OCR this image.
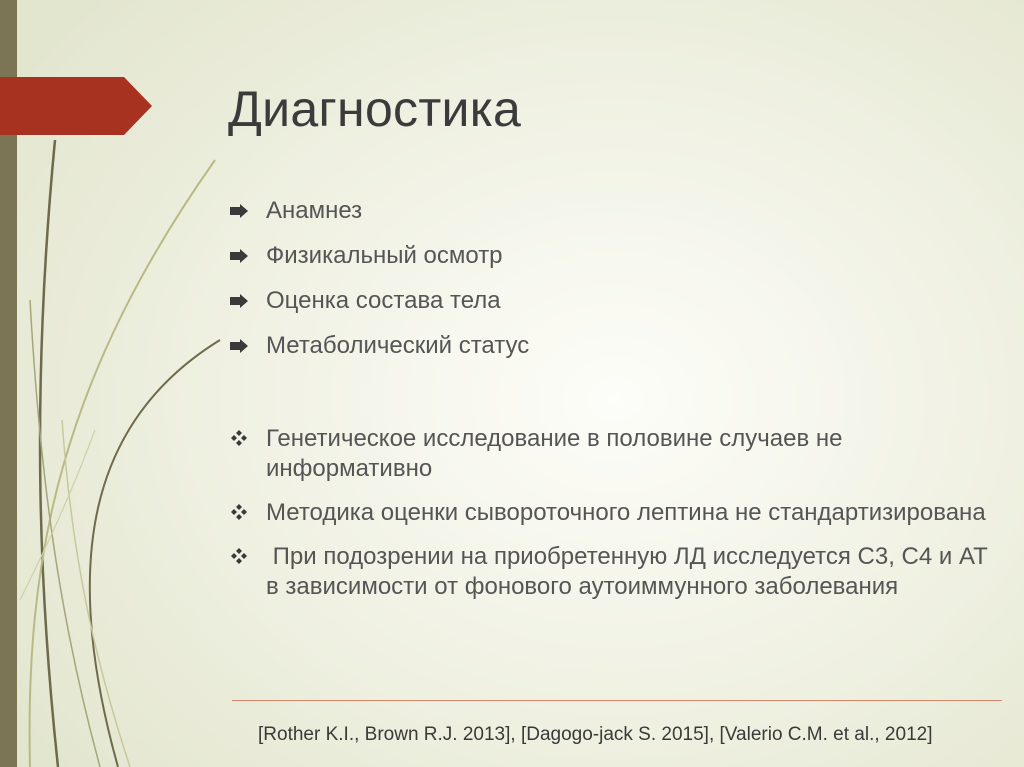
Диагностика
Анамнез
Физикальный осмотр
Оценка состава тела
Метаболический статус
Генетическое исследование в половине случаев не информативно
Методика оценки сывороточного лептина не стандартизирована
При подозрении на приобретенную ЛД исследуется С3, С4 и АТ в зависимости от фонового аутоиммунного заболевания
[Rother K.I., Brown R.J. 2013], [Dagogo-jack S. 2015], [Valerio C.M. et al., 2012]
